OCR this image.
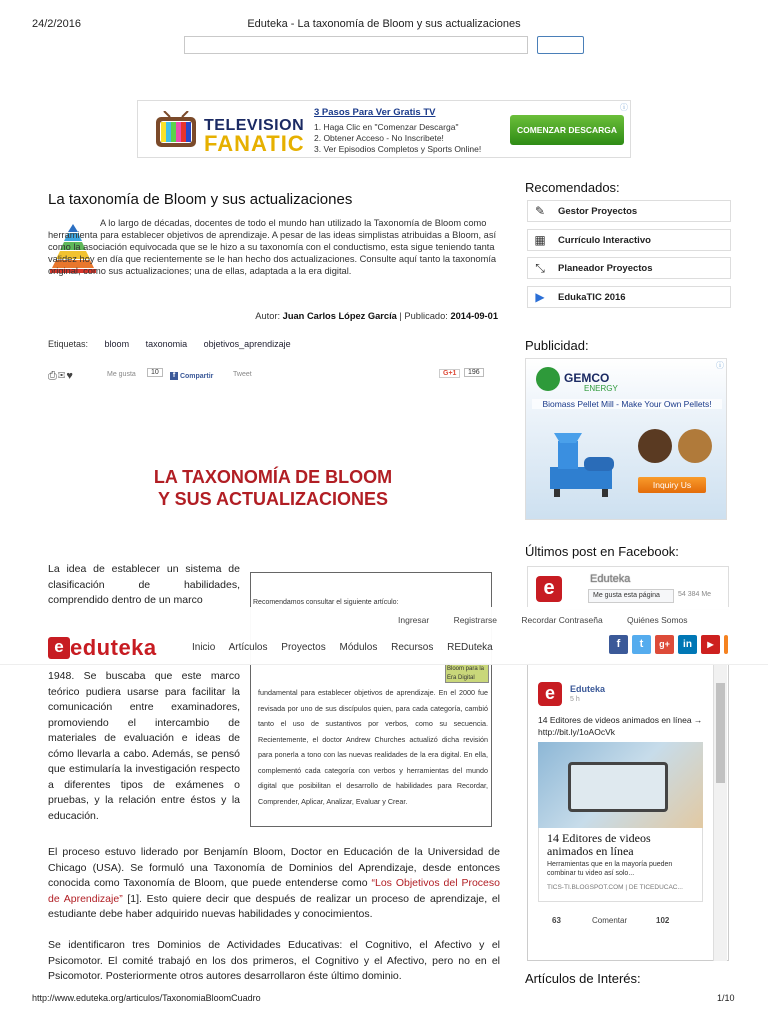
24/2/2016	Eduteka - La taxonomía de Bloom y sus actualizaciones
TELEVISION
FANATIC
3 Pasos Para Ver Gratis TV
1. Haga Clic en "Comenzar Descarga"
2. Obtener Acceso - No Inscribete!
3. Ver Episodios Completos y Sports Online!
COMENZAR DESCARGA
ⓘ
La taxonomía de Bloom y sus actualizaciones
A lo largo de décadas, docentes de todo el mundo han utilizado la Taxonomía de Bloom como herramienta para establecer objetivos de aprendizaje. A pesar de las ideas simplistas atribuidas a Bloom, así como la asociación equivocada que se le hizo a su taxonomía con el conductismo, esta sigue teniendo tanta validez hoy en día que recientemente se le han hecho dos actualizaciones. Consulte aquí tanto la taxonomía original, como sus actualizaciones; una de ellas, adaptada a la era digital.
Autor: Juan Carlos López García | Publicado: 2014-09-01
Etiquetas: bloom taxonomia objetivos_aprendizaje
⎙✉♥	Me gusta	10	f Compartir	Tweet	G+1	196
LA TAXONOMÍA DE BLOOM
Y SUS ACTUALIZACIONES
La idea de establecer un sistema de clasificación de habilidades, comprendido dentro de un marco	Recomendamos consultar el siguiente artículo:
Bloom para la Era Digital
fundamental para establecer objetivos de aprendizaje. En el 2000 fue revisada por uno de sus discípulos quien, para cada categoría, cambió tanto el uso de sustantivos por verbos, como su secuencia. Recientemente, el doctor Andrew Churches actualizó dicha revisión para ponerla a tono con las nuevas realidades de la era digital. En ella, complementó cada categoría con verbos y herramientas del mundo digital que posibilitan el desarrollo de habilidades para Recordar, Comprender, Aplicar, Analizar, Evaluar y Crear.
1948. Se buscaba que este marco teórico pudiera usarse para facilitar la comunicación entre examinadores, promoviendo el intercambio de materiales de evaluación e ideas de cómo llevarla a cabo. Además, se pensó que estimularía la investigación respecto a diferentes tipos de exámenes o pruebas, y la relación entre éstos y la educación.
El proceso estuvo liderado por Benjamín Bloom, Doctor en Educación de la Universidad de Chicago (USA). Se formuló una Taxonomía de Dominios del Aprendizaje, desde entonces conocida como Taxonomía de Bloom, que puede entenderse como “Los Objetivos del Proceso de Aprendizaje” [1]. Esto quiere decir que después de realizar un proceso de aprendizaje, el estudiante debe haber adquirido nuevas habilidades y conocimientos.
Se identificaron tres Dominios de Actividades Educativas: el Cognitivo, el Afectivo y el Psicomotor. El comité trabajó en los dos primeros, el Cognitivo y el Afectivo, pero no en el Psicomotor. Posteriormente otros autores desarrollaron éste último dominio.
Recomendados:
✎ Gestor Proyectos
▦ Currículo Interactivo
⤡ Planeador Proyectos
▶ EdukaTIC 2016
Publicidad:
GEMCO
ENERGY
Biomass Pellet Mill - Make Your Own Pellets!
Inquiry Us
ⓘ
Últimos post en Facebook:
e	Eduteka
Me gusta esta página	54 384 Me
e	Eduteka
5 h
14 Editores de videos animados en línea → http://bit.ly/1oAOcVk
14 Editores de videos animados en línea
Herramientas que en la mayoría pueden combinar tu video así solo...
TICS-TI.BLOGSPOT.COM | DE TICEDUCAC...
63	Comentar	102
Artículos de Interés:
Ingresar	Registrarse	Recordar Contraseña	Quiénes Somos
e eduteka	Inicio Artículos Proyectos Módulos Recursos REDuteka	f	t	g+	in	▶
http://www.eduteka.org/articulos/TaxonomiaBloomCuadro	1/10
